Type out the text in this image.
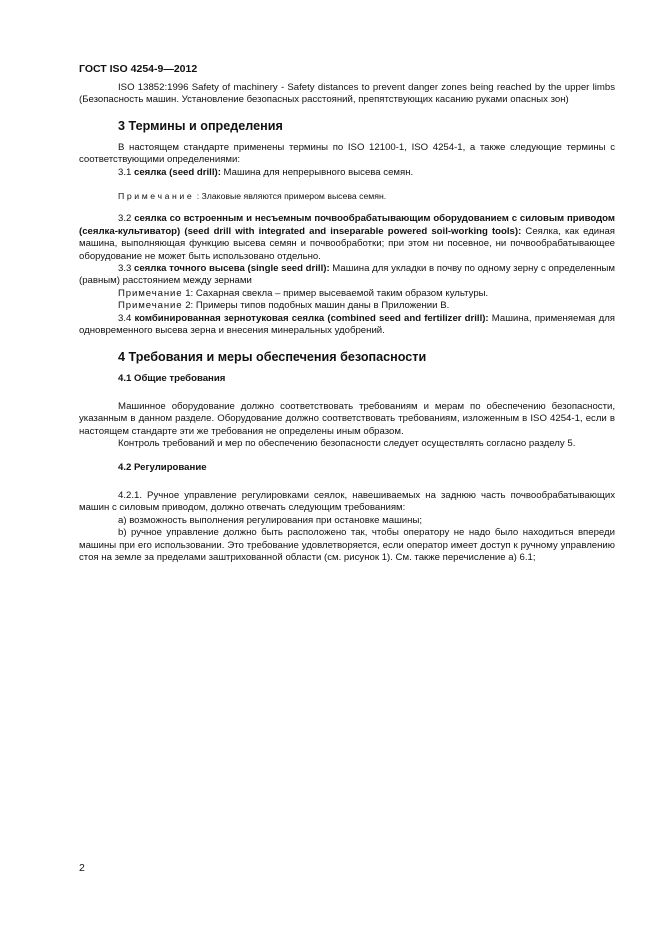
ГОСТ ISO 4254-9—2012

ISO 13852:1996 Safety of machinery - Safety distances to prevent danger zones being reached by the upper limbs (Безопасность машин. Установление безопасных расстояний, препятствующих касанию руками опасных зон)

3 Термины и определения

В настоящем стандарте применены термины по ISO 12100-1, ISO 4254-1, а также следующие термины с соответствующими определениями:

3.1 сеялка (seed drill): Машина для непрерывного высева семян.

Примечание : Злаковые являются примером высева семян.

3.2 сеялка со встроенным и несъемным почвообрабатывающим оборудованием с силовым приводом (сеялка-культиватор) (seed drill with integrated and inseparable powered soil-working tools): Сеялка, как единая машина, выполняющая функцию высева семян и почвообработки; при этом ни посевное, ни почвообрабатывающее оборудование не может быть использовано отдельно.

3.3 сеялка точного высева (single seed drill): Машина для укладки в почву по одному зерну с определенным (равным) расстоянием между зернами

Примечание 1: Сахарная свекла – пример высеваемой таким образом культуры.

Примечание 2: Примеры типов подобных машин даны в Приложении В.

3.4 комбинированная зернотуковая сеялка (combined seed and fertilizer drill): Машина, применяемая для одновременного высева зерна и внесения минеральных удобрений.

4 Требования и меры обеспечения безопасности
4.1 Общие требования

Машинное оборудование должно соответствовать требованиям и мерам по обеспечению безопасности, указанным в данном разделе. Оборудование должно соответствовать требованиям, изложенным в ISO 4254-1, если в настоящем стандарте эти же требования не определены иным образом.

Контроль требований и мер по обеспечению безопасности следует осуществлять согласно разделу 5.

4.2 Регулирование

4.2.1. Ручное управление регулировками сеялок, навешиваемых на заднюю часть почвообрабатывающих машин с силовым приводом, должно отвечать следующим требованиям:

a) возможность выполнения регулирования при остановке машины;

b) ручное управление должно быть расположено так, чтобы оператору не надо было находиться впереди машины при его использовании. Это требование удовлетворяется, если оператор имеет доступ к ручному управлению стоя на земле за пределами заштрихованной области (см. рисунок 1). См. также перечисление а) 6.1;

2
